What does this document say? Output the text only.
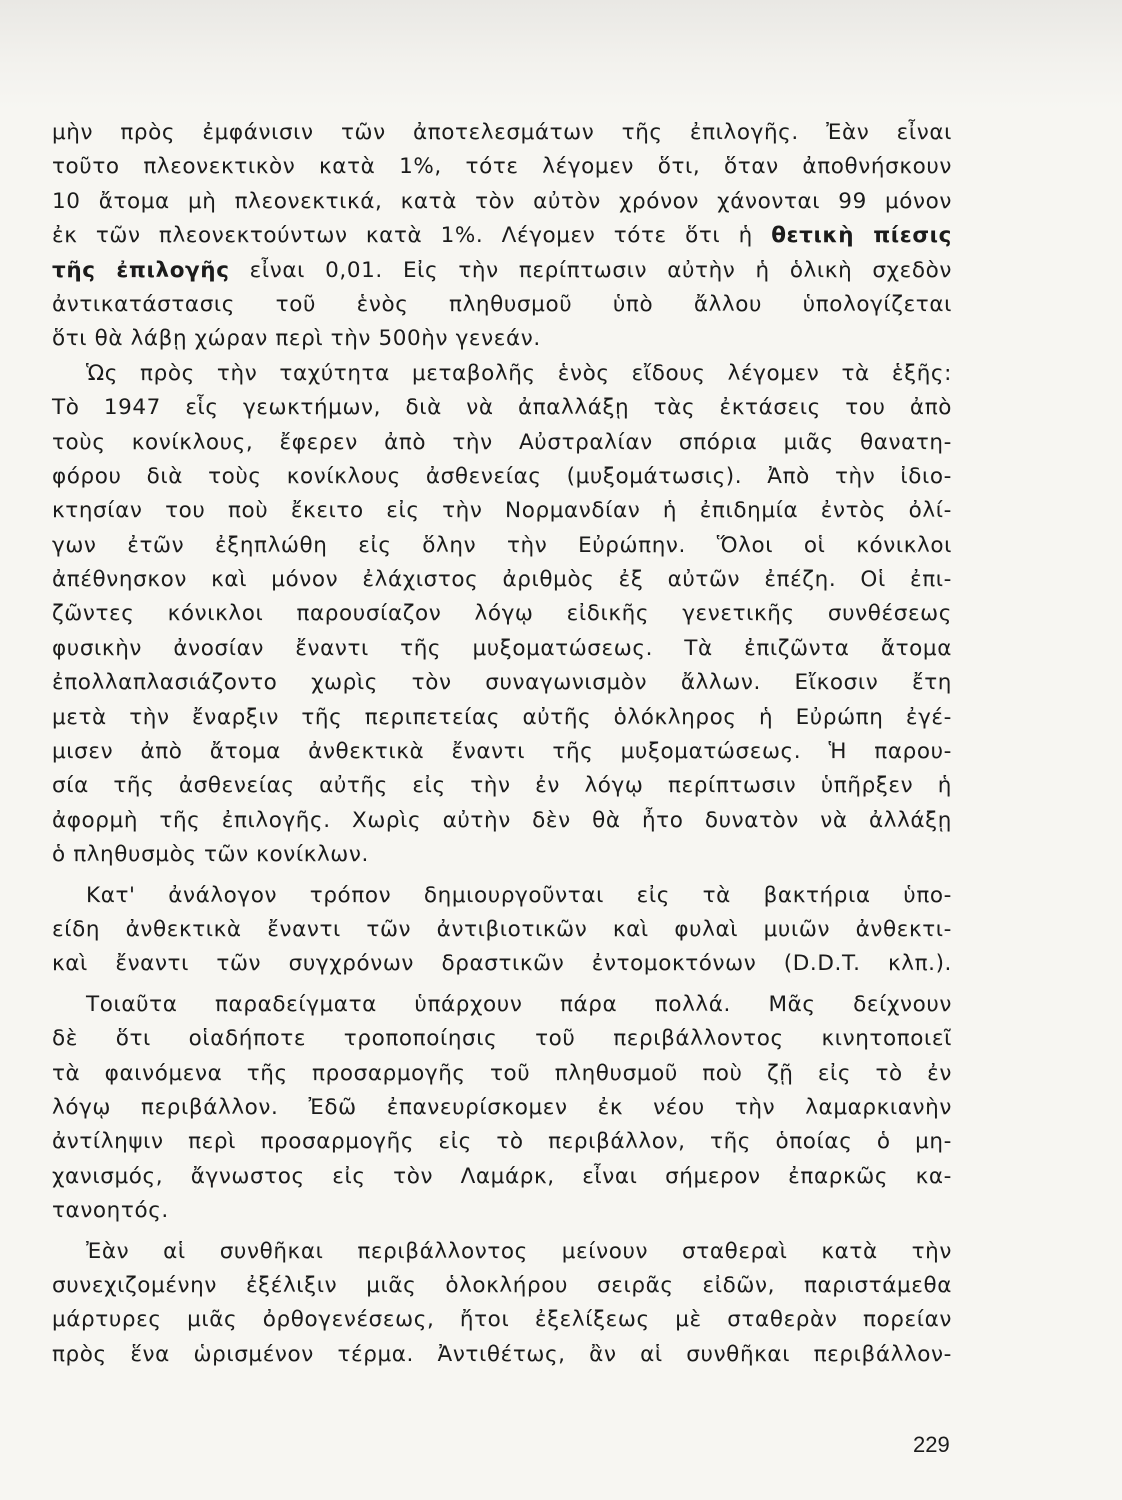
μὴν πρὸς ἐμφάνισιν τῶν ἀποτελεσμάτων τῆς ἐπιλογῆς. Ἐὰν εἶναι
τοῦτο πλεονεκτικὸν κατὰ 1%, τότε λέγομεν ὅτι, ὅταν ἀποθνήσκουν
10 ἄτομα μὴ πλεονεκτικά, κατὰ τὸν αὐτὸν χρόνον χάνονται 99 μόνον
ἐκ τῶν πλεονεκτούντων κατὰ 1%. Λέγομεν τότε ὅτι ἡ θετικὴ πίεσις
τῆς ἐπιλογῆς εἶναι 0,01. Εἰς τὴν περίπτωσιν αὐτὴν ἡ ὁλικὴ σχεδὸν
ἀντικατάστασις τοῦ ἑνὸς πληθυσμοῦ ὑπὸ ἄλλου ὑπολογίζεται
ὅτι θὰ λάβῃ χώραν περὶ τὴν 500ὴν γενεάν.
Ὡς πρὸς τὴν ταχύτητα μεταβολῆς ἑνὸς εἴδους λέγομεν τὰ ἑξῆς:
Τὸ 1947 εἷς γεωκτήμων, διὰ νὰ ἀπαλλάξῃ τὰς ἐκτάσεις του ἀπὸ
τοὺς κονίκλους, ἔφερεν ἀπὸ τὴν Αὐστραλίαν σπόρια μιᾶς θανατη-
φόρου διὰ τοὺς κονίκλους ἀσθενείας (μυξομάτωσις). Ἀπὸ τὴν ἰδιο-
κτησίαν του ποὺ ἔκειτο εἰς τὴν Νορμανδίαν ἡ ἐπιδημία ἐντὸς ὀλί-
γων ἐτῶν ἐξηπλώθη εἰς ὅλην τὴν Εὐρώπην. Ὅλοι οἱ κόνικλοι
ἀπέθνησκον καὶ μόνον ἐλάχιστος ἀριθμὸς ἐξ αὐτῶν ἐπέζη. Οἱ ἐπι-
ζῶντες κόνικλοι παρουσίαζον λόγῳ εἰδικῆς γενετικῆς συνθέσεως
φυσικὴν ἀνοσίαν ἔναντι τῆς μυξοματώσεως. Τὰ ἐπιζῶντα ἄτομα
ἐπολλαπλασιάζοντο χωρὶς τὸν συναγωνισμὸν ἄλλων. Εἴκοσιν ἔτη
μετὰ τὴν ἔναρξιν τῆς περιπετείας αὐτῆς ὁλόκληρος ἡ Εὐρώπη ἐγέ-
μισεν ἀπὸ ἄτομα ἀνθεκτικὰ ἔναντι τῆς μυξοματώσεως. Ἡ παρου-
σία τῆς ἀσθενείας αὐτῆς εἰς τὴν ἐν λόγῳ περίπτωσιν ὑπῆρξεν ἡ
ἀφορμὴ τῆς ἐπιλογῆς. Χωρὶς αὐτὴν δὲν θὰ ἦτο δυνατὸν νὰ ἀλλάξῃ
ὁ πληθυσμὸς τῶν κονίκλων.
Κατ' ἀνάλογον τρόπον δημιουργοῦνται εἰς τὰ βακτήρια ὑπο-
είδη ἀνθεκτικὰ ἔναντι τῶν ἀντιβιοτικῶν καὶ φυλαὶ μυιῶν ἀνθεκτι-
καὶ ἔναντι τῶν συγχρόνων δραστικῶν ἐντομοκτόνων (D.D.T. κλπ.).
Τοιαῦτα παραδείγματα ὑπάρχουν πάρα πολλά. Μᾶς δείχνουν
δὲ ὅτι οἱαδήποτε τροποποίησις τοῦ περιβάλλοντος κινητοποιεῖ
τὰ φαινόμενα τῆς προσαρμογῆς τοῦ πληθυσμοῦ ποὺ ζῇ εἰς τὸ ἐν
λόγῳ περιβάλλον. Ἐδῶ ἐπανευρίσκομεν ἐκ νέου τὴν λαμαρκιανὴν
ἀντίληψιν περὶ προσαρμογῆς εἰς τὸ περιβάλλον, τῆς ὁποίας ὁ μη-
χανισμός, ἄγνωστος εἰς τὸν Λαμάρκ, εἶναι σήμερον ἐπαρκῶς κα-
τανοητός.
Ἐὰν αἱ συνθῆκαι περιβάλλοντος μείνουν σταθεραὶ κατὰ τὴν
συνεχιζομένην ἐξέλιξιν μιᾶς ὁλοκλήρου σειρᾶς εἰδῶν, παριστάμεθα
μάρτυρες μιᾶς ὀρθογενέσεως, ἤτοι ἐξελίξεως μὲ σταθερὰν πορείαν
πρὸς ἕνα ὡρισμένον τέρμα. Ἀντιθέτως, ἂν αἱ συνθῆκαι περιβάλλον-
229
